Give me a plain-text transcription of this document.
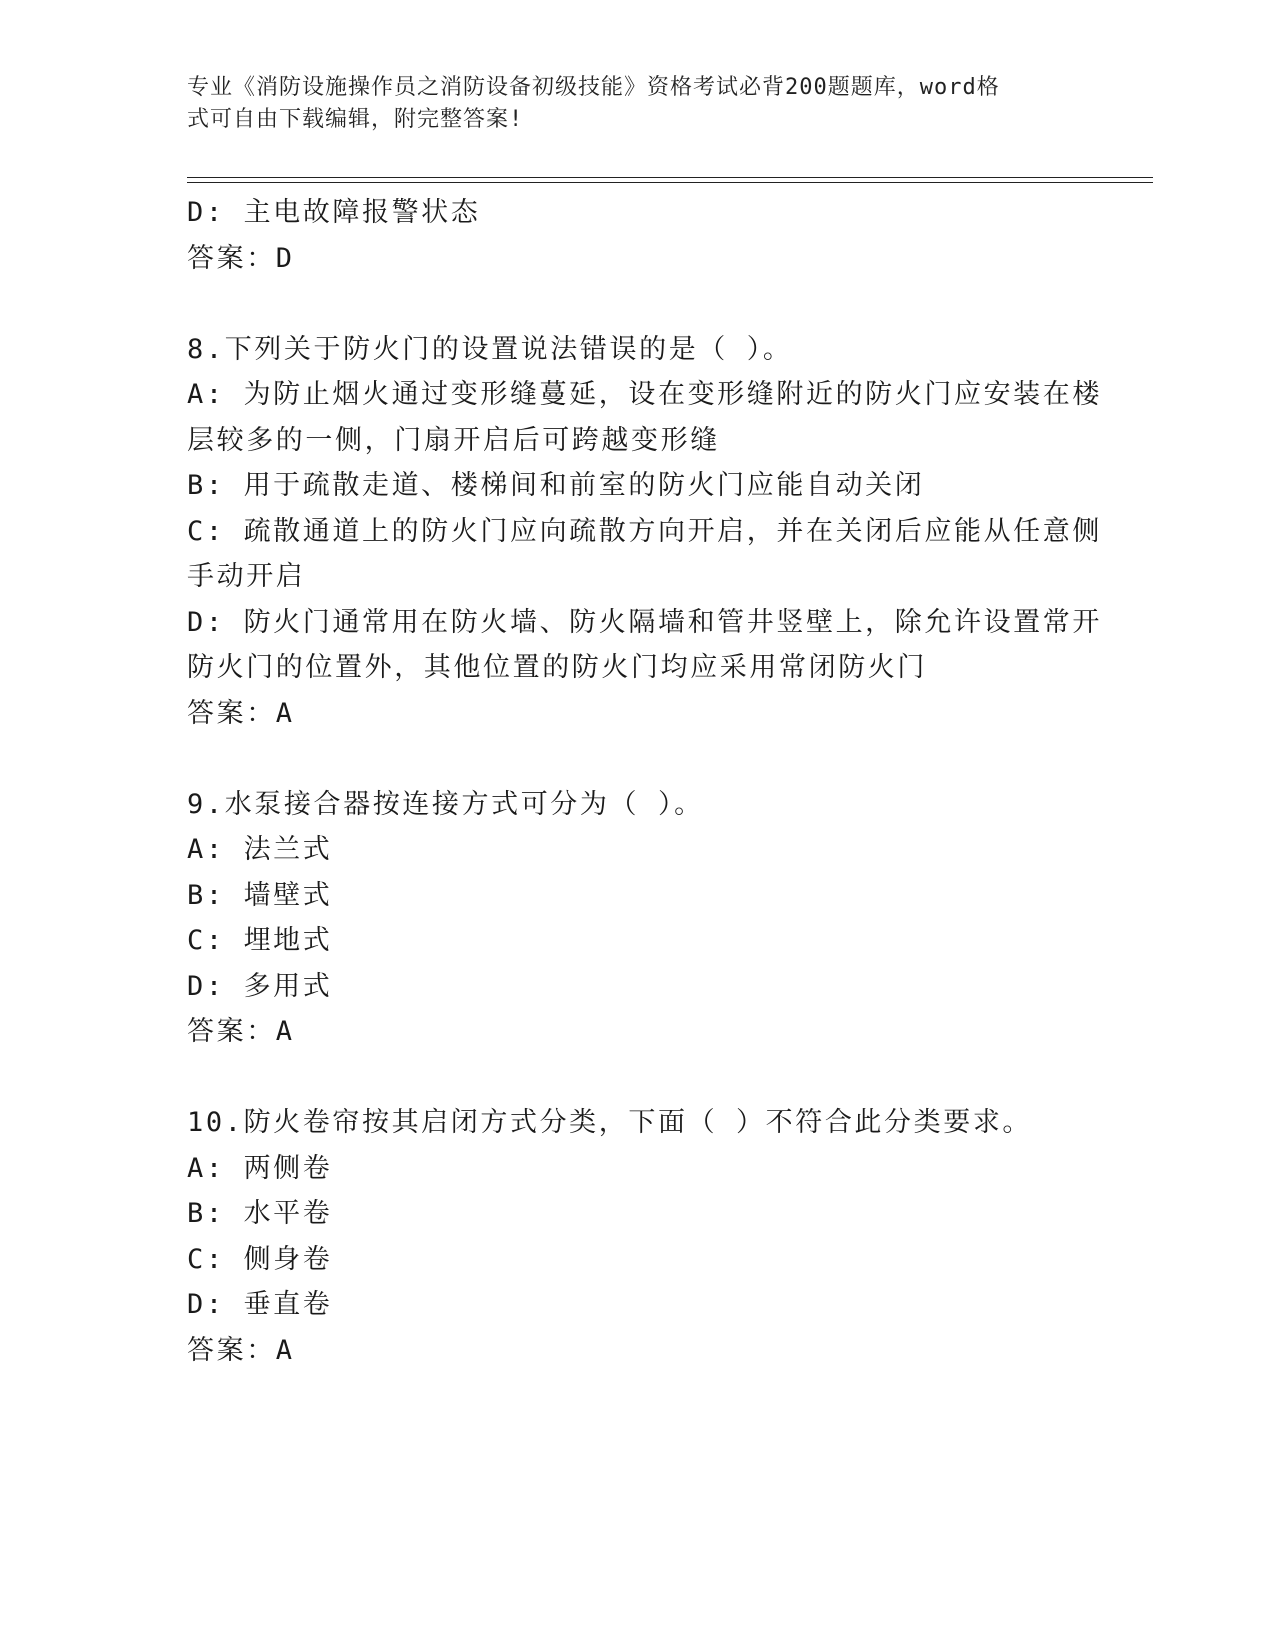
专业《消防设施操作员之消防设备初级技能》资格考试必背200题题库，word格
式可自由下载编辑，附完整答案!
D: 主电故障报警状态
答案：D
8.下列关于防火门的设置说法错误的是（ ）。
A: 为防止烟火通过变形缝蔓延，设在变形缝附近的防火门应安装在楼
层较多的一侧，门扇开启后可跨越变形缝
B: 用于疏散走道、楼梯间和前室的防火门应能自动关闭
C: 疏散通道上的防火门应向疏散方向开启，并在关闭后应能从任意侧
手动开启
D: 防火门通常用在防火墙、防火隔墙和管井竖壁上，除允许设置常开
防火门的位置外，其他位置的防火门均应采用常闭防火门
答案：A
9.水泵接合器按连接方式可分为（ ）。
A: 法兰式
B: 墙壁式
C: 埋地式
D: 多用式
答案：A
10.防火卷帘按其启闭方式分类，下面（ ）不符合此分类要求。
A: 两侧卷
B: 水平卷
C: 侧身卷
D: 垂直卷
答案：A
